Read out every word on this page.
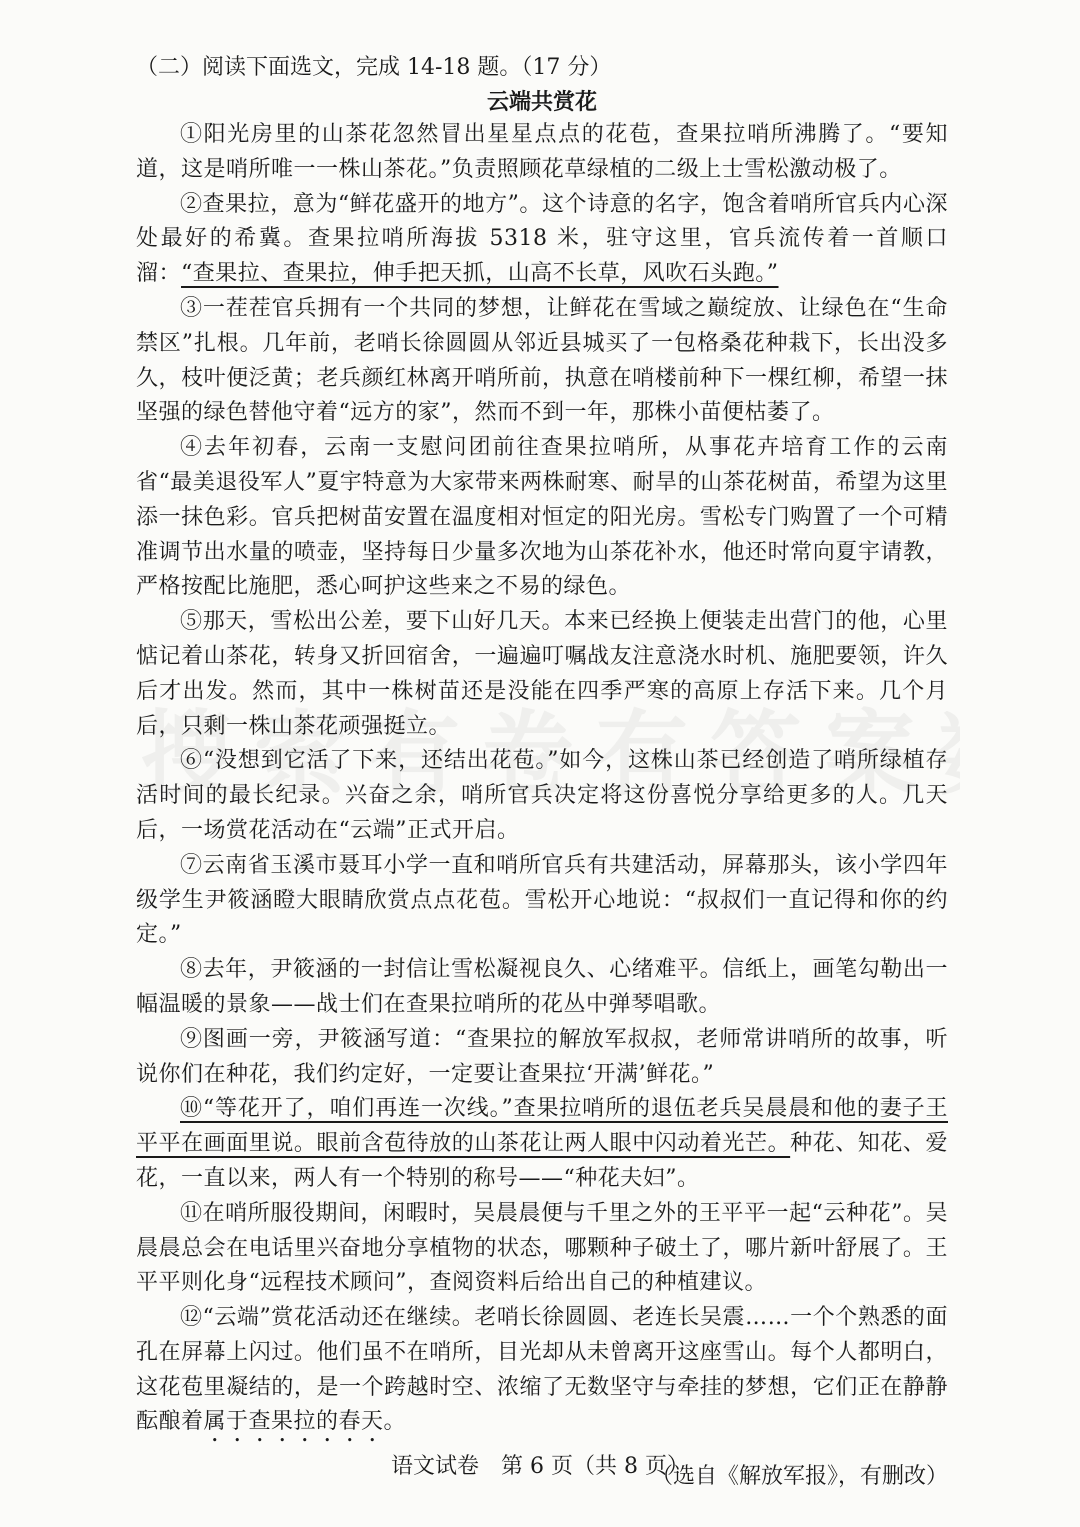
（二）阅读下面选文，完成 14-18 题。（17 分）
云端共赏花

①阳光房里的山茶花忽然冒出星星点点的花苞，查果拉哨所沸腾了。“要知道，这是哨所唯一一株山茶花。”负责照顾花草绿植的二级上士雪松激动极了。

②查果拉，意为“鲜花盛开的地方”。这个诗意的名字，饱含着哨所官兵内心深处最好的希冀。查果拉哨所海拔 5318 米，驻守这里，官兵流传着一首顺口溜：“查果拉、查果拉，伸手把天抓，山高不长草，风吹石头跑。”

③一茬茬官兵拥有一个共同的梦想，让鲜花在雪域之巅绽放、让绿色在“生命禁区”扎根。几年前，老哨长徐圆圆从邻近县城买了一包格桑花种栽下，长出没多久，枝叶便泛黄；老兵颜红林离开哨所前，执意在哨楼前种下一棵红柳，希望一抹坚强的绿色替他守着“远方的家”，然而不到一年，那株小苗便枯萎了。

④去年初春，云南一支慰问团前往查果拉哨所，从事花卉培育工作的云南省“最美退役军人”夏宇特意为大家带来两株耐寒、耐旱的山茶花树苗，希望为这里添一抹色彩。官兵把树苗安置在温度相对恒定的阳光房。雪松专门购置了一个可精准调节出水量的喷壶，坚持每日少量多次地为山茶花补水，他还时常向夏宇请教，严格按配比施肥，悉心呵护这些来之不易的绿色。

⑤那天，雪松出公差，要下山好几天。本来已经换上便装走出营门的他，心里惦记着山茶花，转身又折回宿舍，一遍遍叮嘱战友注意浇水时机、施肥要领，许久后才出发。然而，其中一株树苗还是没能在四季严寒的高原上存活下来。几个月后，只剩一株山茶花顽强挺立。

⑥“没想到它活了下来，还结出花苞。”如今，这株山茶已经创造了哨所绿植存活时间的最长纪录。兴奋之余，哨所官兵决定将这份喜悦分享给更多的人。几天后，一场赏花活动在“云端”正式开启。

⑦云南省玉溪市聂耳小学一直和哨所官兵有共建活动，屏幕那头，该小学四年级学生尹筱涵瞪大眼睛欣赏点点花苞。雪松开心地说：“叔叔们一直记得和你的约定。”

⑧去年，尹筱涵的一封信让雪松凝视良久、心绪难平。信纸上，画笔勾勒出一幅温暖的景象——战士们在查果拉哨所的花丛中弹琴唱歌。

⑨图画一旁，尹筱涵写道：“查果拉的解放军叔叔，老师常讲哨所的故事，听说你们在种花，我们约定好，一定要让查果拉‘开满’鲜花。”

⑩“等花开了，咱们再连一次线。”查果拉哨所的退伍老兵吴晨晨和他的妻子王平平在画面里说。眼前含苞待放的山茶花让两人眼中闪动着光芒。种花、知花、爱花，一直以来，两人有一个特别的称号——“种花夫妇”。

⑪在哨所服役期间，闲暇时，吴晨晨便与千里之外的王平平一起“云种花”。吴晨晨总会在电话里兴奋地分享植物的状态，哪颗种子破土了，哪片新叶舒展了。王平平则化身“远程技术顾问”，查阅资料后给出自己的种植建议。

⑫“云端”赏花活动还在继续。老哨长徐圆圆、老连长吴震……一个个熟悉的面孔在屏幕上闪过。他们虽不在哨所，目光却从未曾离开这座雪山。每个人都明白，这花苞里凝结的，是一个跨越时空、浓缩了无数坚守与牵挂的梦想，它们正在静静酝酿着属于查果拉的春天。

（选自《解放军报》，有删改）
语文试卷　第 6 页（共 8 页）
